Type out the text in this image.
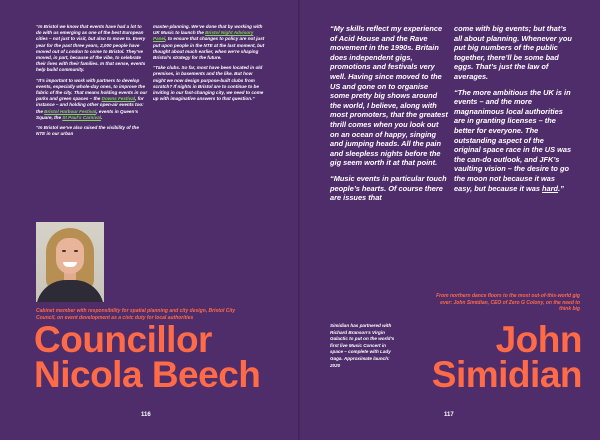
“In Bristol we know that events have had a lot to do with us emerging as one of the best European cities – not just to visit, but also to move to. Every year for the past three years, 2,000 people have moved out of London to come to Bristol. They’ve moved, in part, because of the vibe, to celebrate their lives with their families. In that sense, events help build community.

“It’s important to work with partners to develop events, especially whole-day ones, to improve the fabric of the city. That means holding events in our parks and green spaces – the Downs Festival, for instance – and holding other open-air events too: the Bristol Harbour Festival, events in Queen’s Square, the St Paul’s Carnival.

“In Bristol we’ve also raised the visibility of the NTE in our urban

master-planning. We’ve done that by working with UK Music to launch the Bristol Night Advisory Panel, to ensure that changes to policy are not just put upon people in the NTE at the last moment, but thought about much earlier, when we’re shaping Bristol’s strategy for the future.

“Take clubs. So far, most have been located in old premises, in basements and the like. But how might we now design purpose-built clubs from scratch? If nights in Bristol are to continue to be inviting in our fast-changing city, we need to come up with imaginative answers to that question.”

Cabinet member with responsibility for spatial planning and city design, Bristol City Council, on event development as a civic duty for local authorities
Councillor
Nicola Beech
116

“My skills reflect my experience of Acid House and the Rave movement in the 1990s. Britain does independent gigs, promotions and festivals very well. Having since moved to the US and gone on to organise some pretty big shows around the world, I believe, along with most promoters, that the greatest thrill comes when you look out on an ocean of happy, singing and jumping heads. All the pain and sleepless nights before the gig seem worth it at that point.

“Music events in particular touch people’s hearts. Of course there are issues that

come with big events; but that’s all about planning. Whenever you put big numbers of the public together, there’ll be some bad eggs. That’s just the law of averages.

“The more ambitious the UK is in events – and the more magnanimous local authorities are in granting licenses – the better for everyone. The outstanding aspect of the original space race in the US was the can-do outlook, and JFK’s vaulting vision – the desire to go the moon not because it was easy, but because it was hard.”

From northern dance floors to the most out-of-this-world gig ever: John Simidian, CEO of Zero G Colony, on the need to think big
Simidian has partnered with Richard Branson’s Virgin Galactic to put on the world’s first live Music Concert in space – complete with Lady Gaga. Approximate launch: 2020
John
Simidian
117
